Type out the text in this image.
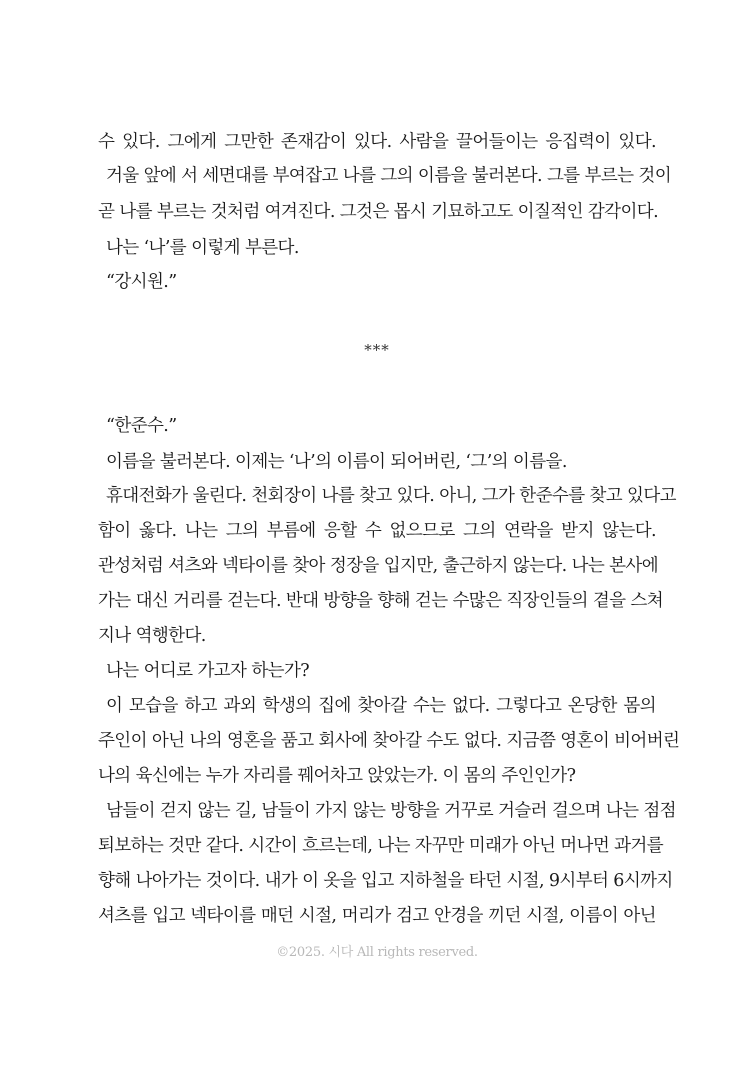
수 있다. 그에게 그만한 존재감이 있다. 사람을 끌어들이는 응집력이 있다.
거울 앞에 서 세면대를 부여잡고 나를 그의 이름을 불러본다. 그를 부르는 것이
곧 나를 부르는 것처럼 여겨진다. 그것은 몹시 기묘하고도 이질적인 감각이다.
나는 ‘나’를 이렇게 부른다.
“강시원.”
***
“한준수.”
이름을 불러본다. 이제는 ‘나’의 이름이 되어버린, ‘그’의 이름을.
휴대전화가 울린다. 천회장이 나를 찾고 있다. 아니, 그가 한준수를 찾고 있다고
함이 옳다. 나는 그의 부름에 응할 수 없으므로 그의 연락을 받지 않는다.
관성처럼 셔츠와 넥타이를 찾아 정장을 입지만, 출근하지 않는다. 나는 본사에
가는 대신 거리를 걷는다. 반대 방향을 향해 걷는 수많은 직장인들의 곁을 스쳐
지나 역행한다.
나는 어디로 가고자 하는가?
이 모습을 하고 과외 학생의 집에 찾아갈 수는 없다. 그렇다고 온당한 몸의
주인이 아닌 나의 영혼을 품고 회사에 찾아갈 수도 없다. 지금쯤 영혼이 비어버린
나의 육신에는 누가 자리를 꿰어차고 앉았는가. 이 몸의 주인인가?
남들이 걷지 않는 길, 남들이 가지 않는 방향을 거꾸로 거슬러 걸으며 나는 점점
퇴보하는 것만 같다. 시간이 흐르는데, 나는 자꾸만 미래가 아닌 머나먼 과거를
향해 나아가는 것이다. 내가 이 옷을 입고 지하철을 타던 시절, 9시부터 6시까지
셔츠를 입고 넥타이를 매던 시절, 머리가 검고 안경을 끼던 시절, 이름이 아닌
©2025. 시다 All rights reserved.
